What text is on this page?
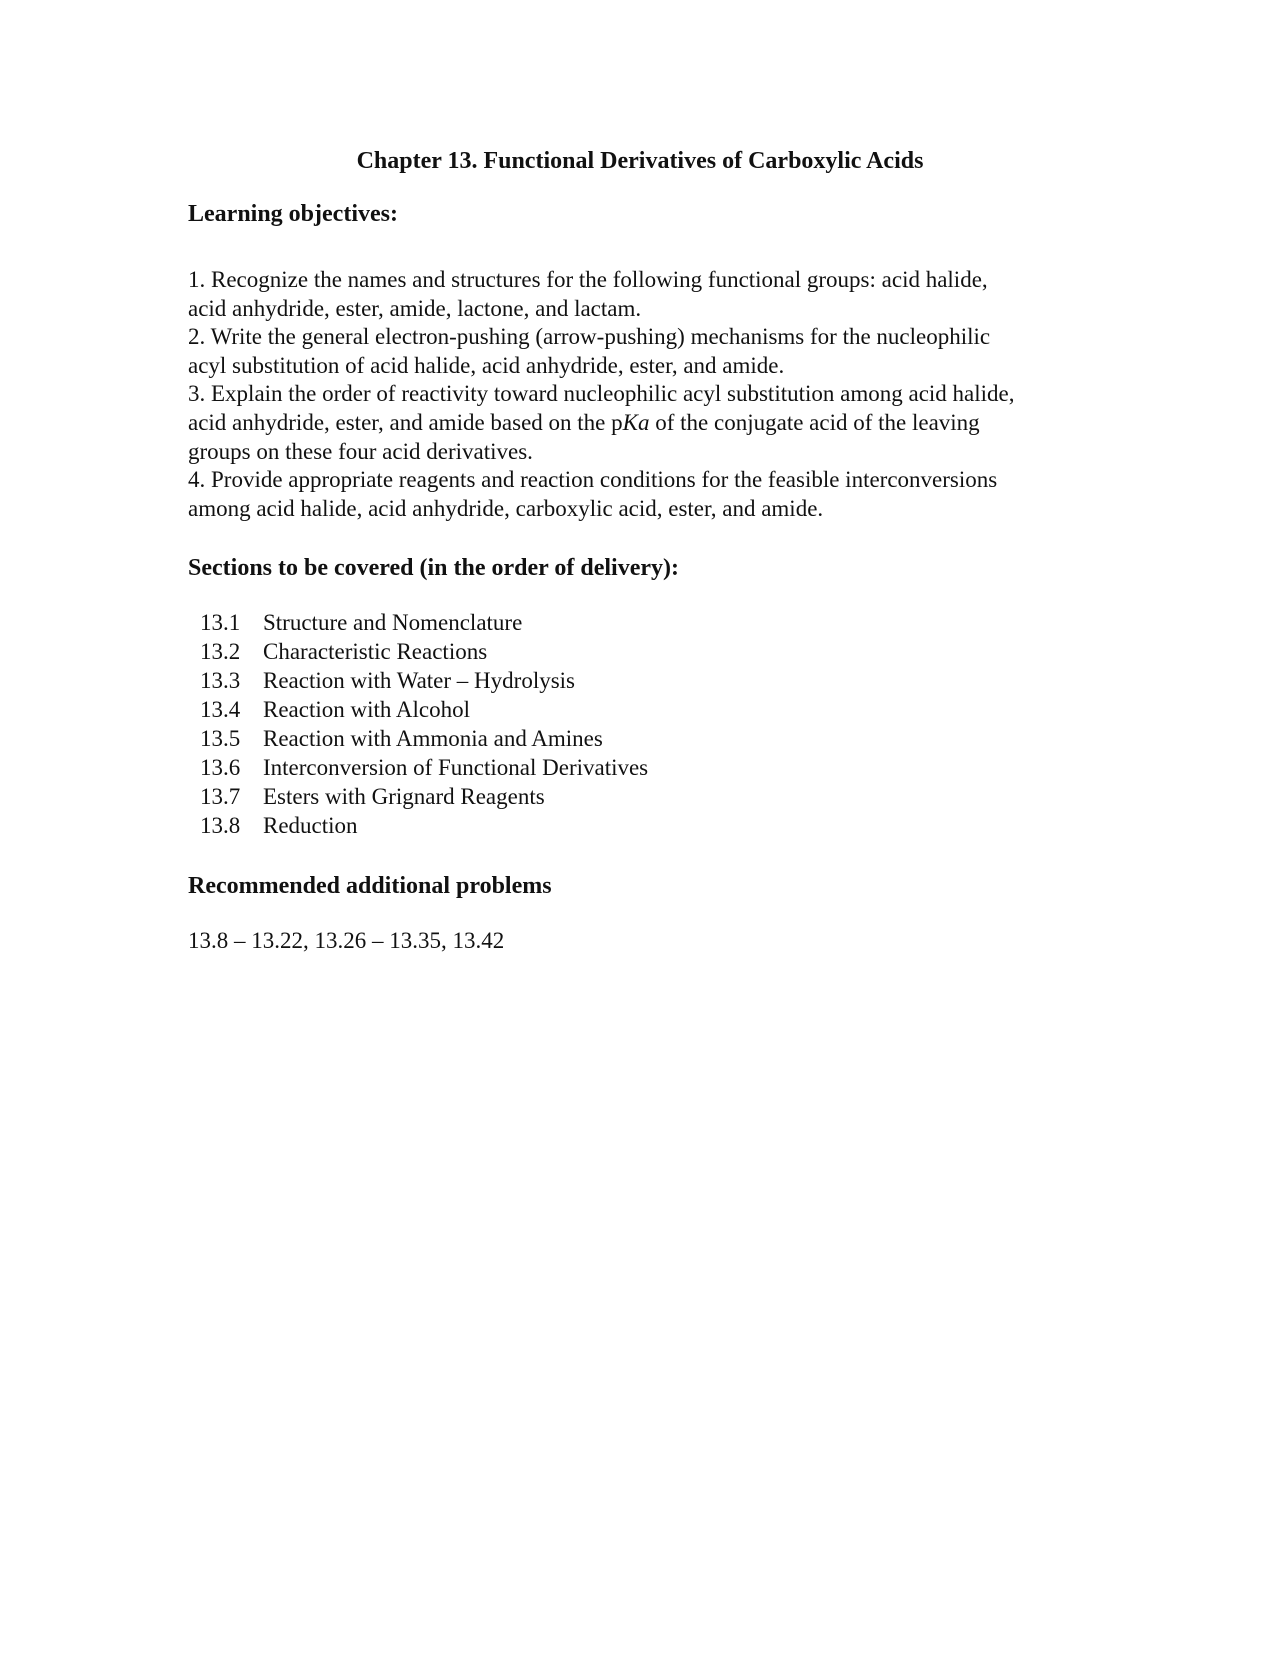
Chapter 13. Functional Derivatives of Carboxylic Acids
Learning objectives:
1. Recognize the names and structures for the following functional groups: acid halide,
acid anhydride, ester, amide, lactone, and lactam.
2. Write the general electron-pushing (arrow-pushing) mechanisms for the nucleophilic
acyl substitution of acid halide, acid anhydride, ester, and amide.
3. Explain the order of reactivity toward nucleophilic acyl substitution among acid halide,
acid anhydride, ester, and amide based on the pKa of the conjugate acid of the leaving
groups on these four acid derivatives.
4. Provide appropriate reagents and reaction conditions for the feasible interconversions
among acid halide, acid anhydride, carboxylic acid, ester, and amide.
Sections to be covered (in the order of delivery):
13.1 Structure and Nomenclature
13.2 Characteristic Reactions
13.3 Reaction with Water – Hydrolysis
13.4 Reaction with Alcohol
13.5 Reaction with Ammonia and Amines
13.6 Interconversion of Functional Derivatives
13.7 Esters with Grignard Reagents
13.8 Reduction
Recommended additional problems
13.8 – 13.22, 13.26 – 13.35, 13.42
